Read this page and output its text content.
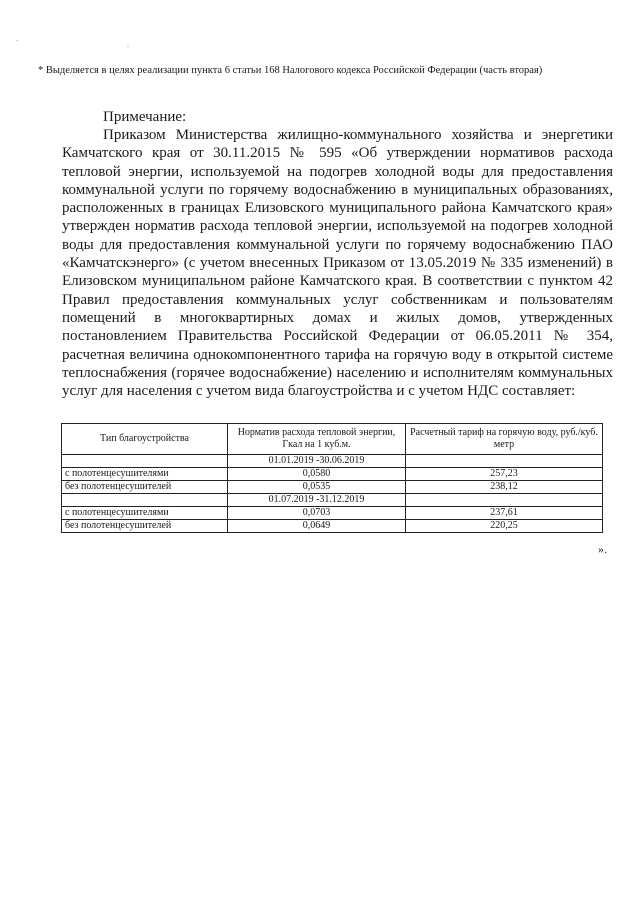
.
.
* Выделяется в целях реализации пункта 6 статьи 168 Налогового кодекса Российской Федерации (часть вторая)
Примечание:

Приказом Министерства жилищно-коммунального хозяйства и энергетики Камчатского края от 30.11.2015 № 595 «Об утверждении нормативов расхода тепловой энергии, используемой на подогрев холодной воды для предоставления коммунальной услуги по горячему водоснабжению в муниципальных образованиях, расположенных в границах Елизовского муниципального района Камчатского края» утвержден норматив расхода тепловой энергии, используемой на подогрев холодной воды для предоставления коммунальной услуги по горячему водоснабжению ПАО «Камчатскэнерго» (с учетом внесенных Приказом от 13.05.2019 № 335 изменений) в Елизовском муниципальном районе Камчатского края. В соответствии с пунктом 42 Правил предоставления коммунальных услуг собственникам и пользователям помещений в многоквартирных домах и жилых домов, утвержденных постановлением Правительства Российской Федерации от 06.05.2011 № 354, расчетная величина однокомпонентного тарифа на горячую воду в открытой системе теплоснабжения (горячее водоснабжение) населению и исполнителям коммунальных услуг для населения с учетом вида благоустройства и с учетом НДС составляет:

Тип благоустройства	Норматив расхода тепловой энергии, Гкал на 1 куб.м.	Расчетный тариф на горячую воду, руб./куб. метр
	01.01.2019 -30.06.2019	
с полотенцесушителями	0,0580	257,23
без полотенцесушителей	0,0535	238,12
	01.07.2019 -31.12.2019	
с полотенцесушителями	0,0703	237,61
без полотенцесушителей	0,0649	220,25
».
